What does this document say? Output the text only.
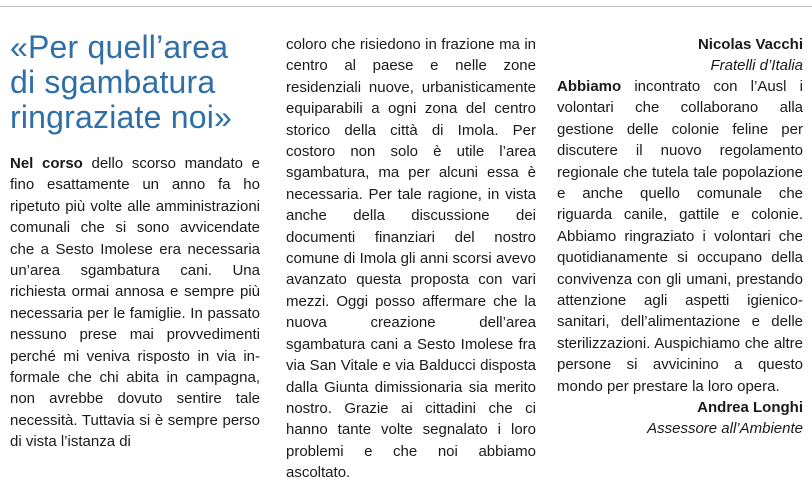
«Per quell’area di sgambatura ringraziate noi»

Nel corso dello scorso mandato e fino esattamente un anno fa ho ripetuto più volte alle amministrazioni comunali che si sono avvicendate che a Sesto Imolese era necessaria un’area sgambatura cani. Una richiesta ormai annosa e sempre più necessaria per le famiglie. In passato nessuno prese mai provvedimenti perché mi veniva risposto in via informale che chi abita in campagna, non avrebbe dovuto sentire tale necessità. Tuttavia si è sempre perso di vista l’istanza di

coloro che risiedono in frazione ma in centro al paese e nelle zone residenziali nuove, urbanisticamente equiparabili a ogni zona del centro storico della città di Imola. Per costoro non solo è utile l’area sgambatura, ma per alcuni essa è necessaria. Per tale ragione, in vista anche della discussione dei documenti finanziari del nostro comune di Imola gli anni scorsi avevo avanzato questa proposta con vari mezzi. Oggi posso affermare che la nuova creazione dell’area sgambatura cani a Sesto Imolese fra via San Vitale e via Balducci disposta dalla Giunta dimissionaria sia merito nostro. Grazie ai cittadini che ci hanno tante volte segnalato i loro problemi e che noi abbiamo ascoltato.

Nicolas Vacchi
Fratelli d’Italia

Abbiamo incontrato con l’Ausl i volontari che collaborano alla gestione delle colonie feline per discutere il nuovo regolamento regionale che tutela tale popolazione e anche quello comunale che riguarda canile, gattile e colonie. Abbiamo ringraziato i volontari che quotidianamente si occupano della convivenza con gli umani, prestando attenzione agli aspetti igienico-sanitari, dell’alimentazione e delle sterilizzazioni. Auspichiamo che altre persone si avvicinino a questo mondo per prestare la loro opera.

Andrea Longhi
Assessore all’Ambiente
